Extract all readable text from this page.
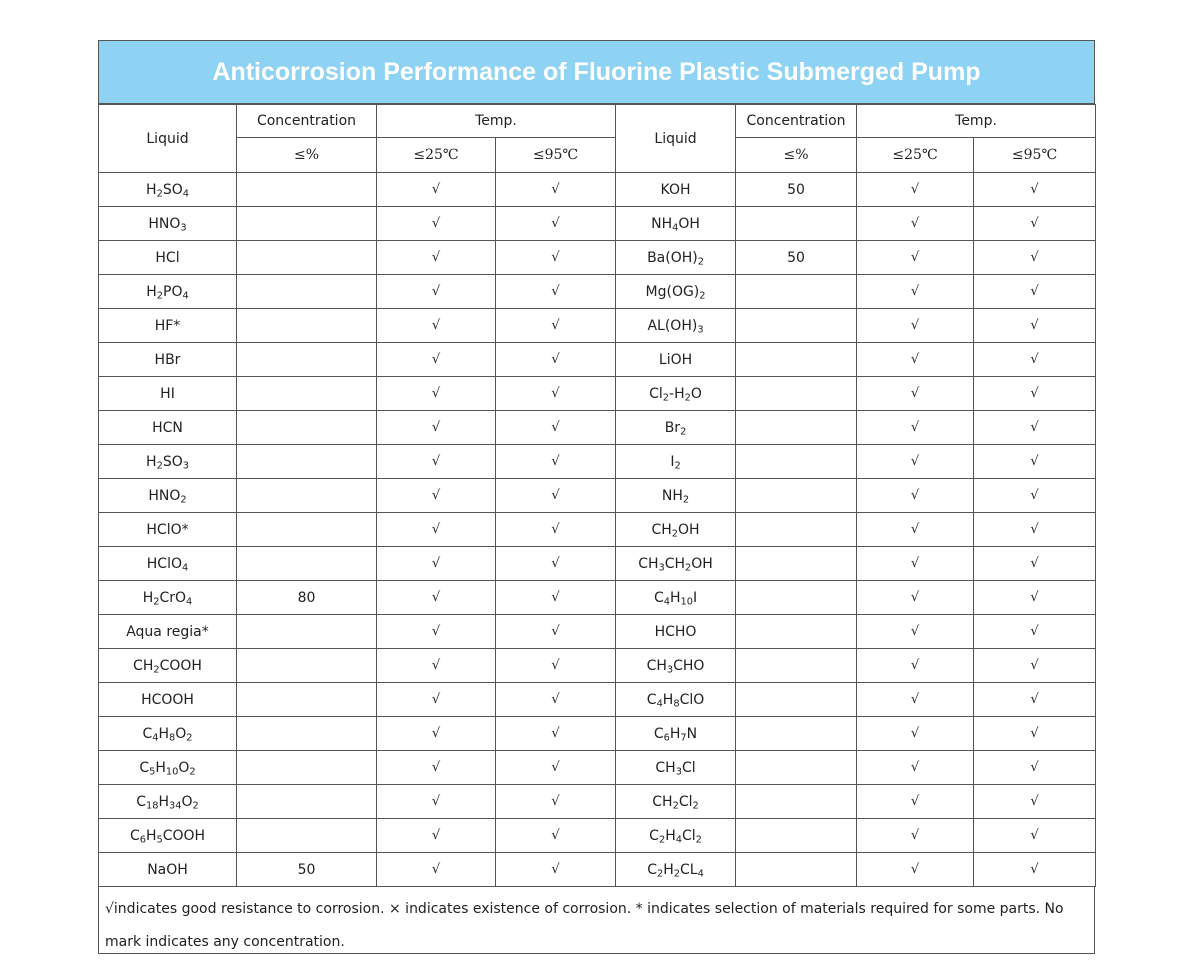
Anticorrosion Performance of Fluorine Plastic Submerged Pump
Liquid	Concentration	Temp.		Liquid	Concentration	Temp.	
	≤%	≤25℃	≤95℃		≤%	≤25℃	≤95℃
$H_2SO_4$		√	√	KOH	50	√	√
$HNO_3$		√	√	$NH_4OH$		√	√
HCl		√	√	$Ba(OH)_2$	50	√	√
$H_2PO_4$		√	√	$Mg(OG)_2$		√	√
HF*		√	√	$AL(OH)_3$		√	√
HBr		√	√	LiOH		√	√
HI		√	√	$Cl_2-H_2O$		√	√
HCN		√	√	$Br_2$		√	√
$H_2SO_3$		√	√	$I_2$		√	√
$HNO_2$		√	√	$NH_2$		√	√
HClO*		√	√	$CH_2OH$		√	√
HClO$_4$		√	√	$CH_3CH_2OH$		√	√
$H_2CrO_4$	80	√	√	$C_4H_{10}I$		√	√
Aqua regia*		√	√	HCHO		√	√
$CH_2COOH$		√	√	$CH_3CHO$		√	√
HCOOH		√	√	$C_4H_8ClO$		√	√
$C_4H_8O_2$		√	√	$C_6H_7N$		√	√
$C_5H_{10}O_2$		√	√	$CH_3Cl$		√	√
$C_{18}H_{34}O_2$		√	√	$CH_2Cl_2$		√	√
$C_6H_5COOH$		√	√	$C_2H_4Cl_2$		√	√
NaOH	50	√	√	$C_2H_2CL_4$		√	√
√indicates good resistance to corrosion. × indicates existence of corrosion. * indicates selection of materials required for some parts. No mark indicates any concentration.
